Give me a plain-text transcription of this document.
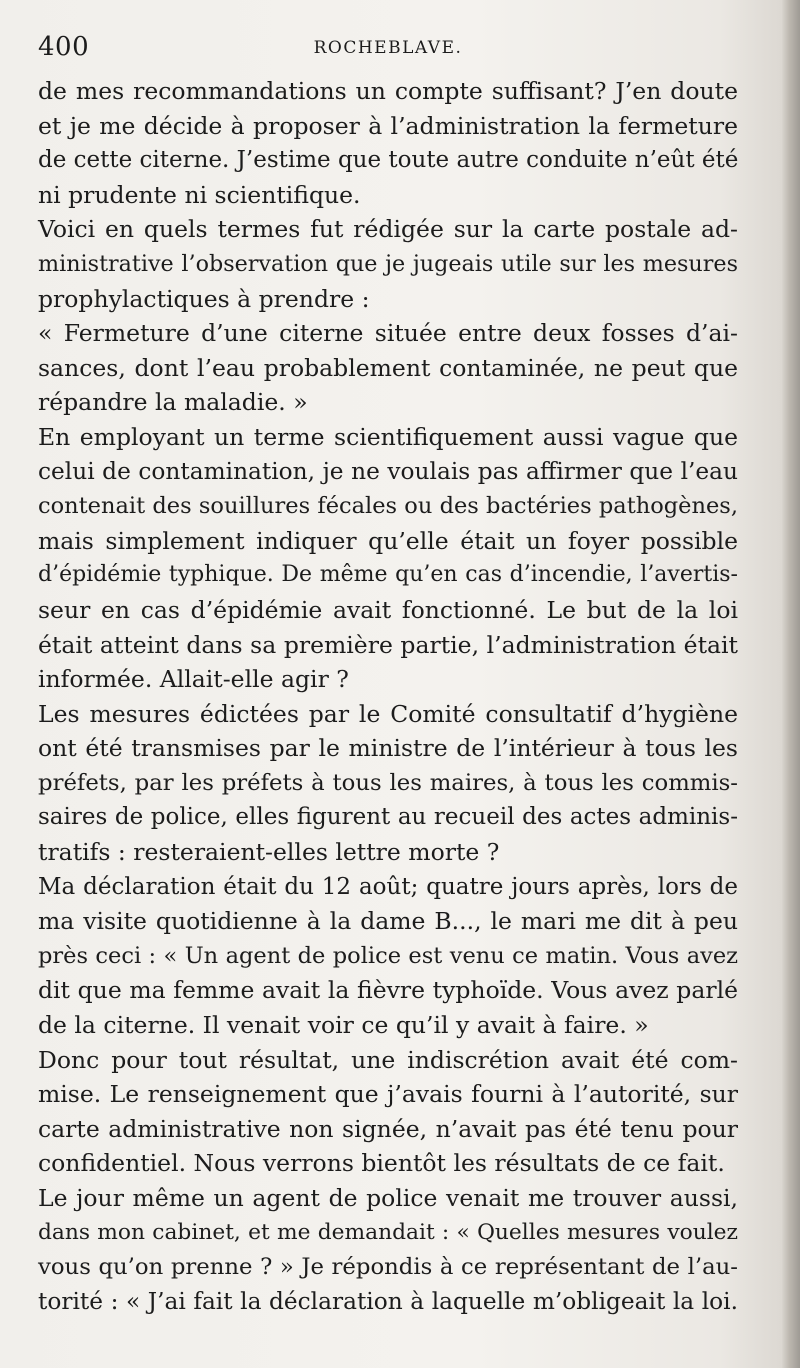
400	ROCHEBLAVE.
de mes recommandations un compte suffisant? J’en doute
et je me décide à proposer à l’administration la fermeture
de cette citerne. J’estime que toute autre conduite n’eût été
ni prudente ni scientifique.
Voici en quels termes fut rédigée sur la carte postale ad-
ministrative l’observation que je jugeais utile sur les mesures
prophylactiques à prendre :
« Fermeture d’une citerne située entre deux fosses d’ai-
sances, dont l’eau probablement contaminée, ne peut que
répandre la maladie. »
En employant un terme scientifiquement aussi vague que
celui de contamination, je ne voulais pas affirmer que l’eau
contenait des souillures fécales ou des bactéries pathogènes,
mais simplement indiquer qu’elle était un foyer possible
d’épidémie typhique. De même qu’en cas d’incendie, l’avertis-
seur en cas d’épidémie avait fonctionné. Le but de la loi
était atteint dans sa première partie, l’administration était
informée. Allait-elle agir ?
Les mesures édictées par le Comité consultatif d’hygiène
ont été transmises par le ministre de l’intérieur à tous les
préfets, par les préfets à tous les maires, à tous les commis-
saires de police, elles figurent au recueil des actes adminis-
tratifs : resteraient-elles lettre morte ?
Ma déclaration était du 12 août; quatre jours après, lors de
ma visite quotidienne à la dame B..., le mari me dit à peu
près ceci : « Un agent de police est venu ce matin. Vous avez
dit que ma femme avait la fièvre typhoïde. Vous avez parlé
de la citerne. Il venait voir ce qu’il y avait à faire. »
Donc pour tout résultat, une indiscrétion avait été com-
mise. Le renseignement que j’avais fourni à l’autorité, sur
carte administrative non signée, n’avait pas été tenu pour
confidentiel. Nous verrons bientôt les résultats de ce fait.
Le jour même un agent de police venait me trouver aussi,
dans mon cabinet, et me demandait : « Quelles mesures voulez
vous qu’on prenne ? » Je répondis à ce représentant de l’au-
torité : « J’ai fait la déclaration à laquelle m’obligeait la loi.
